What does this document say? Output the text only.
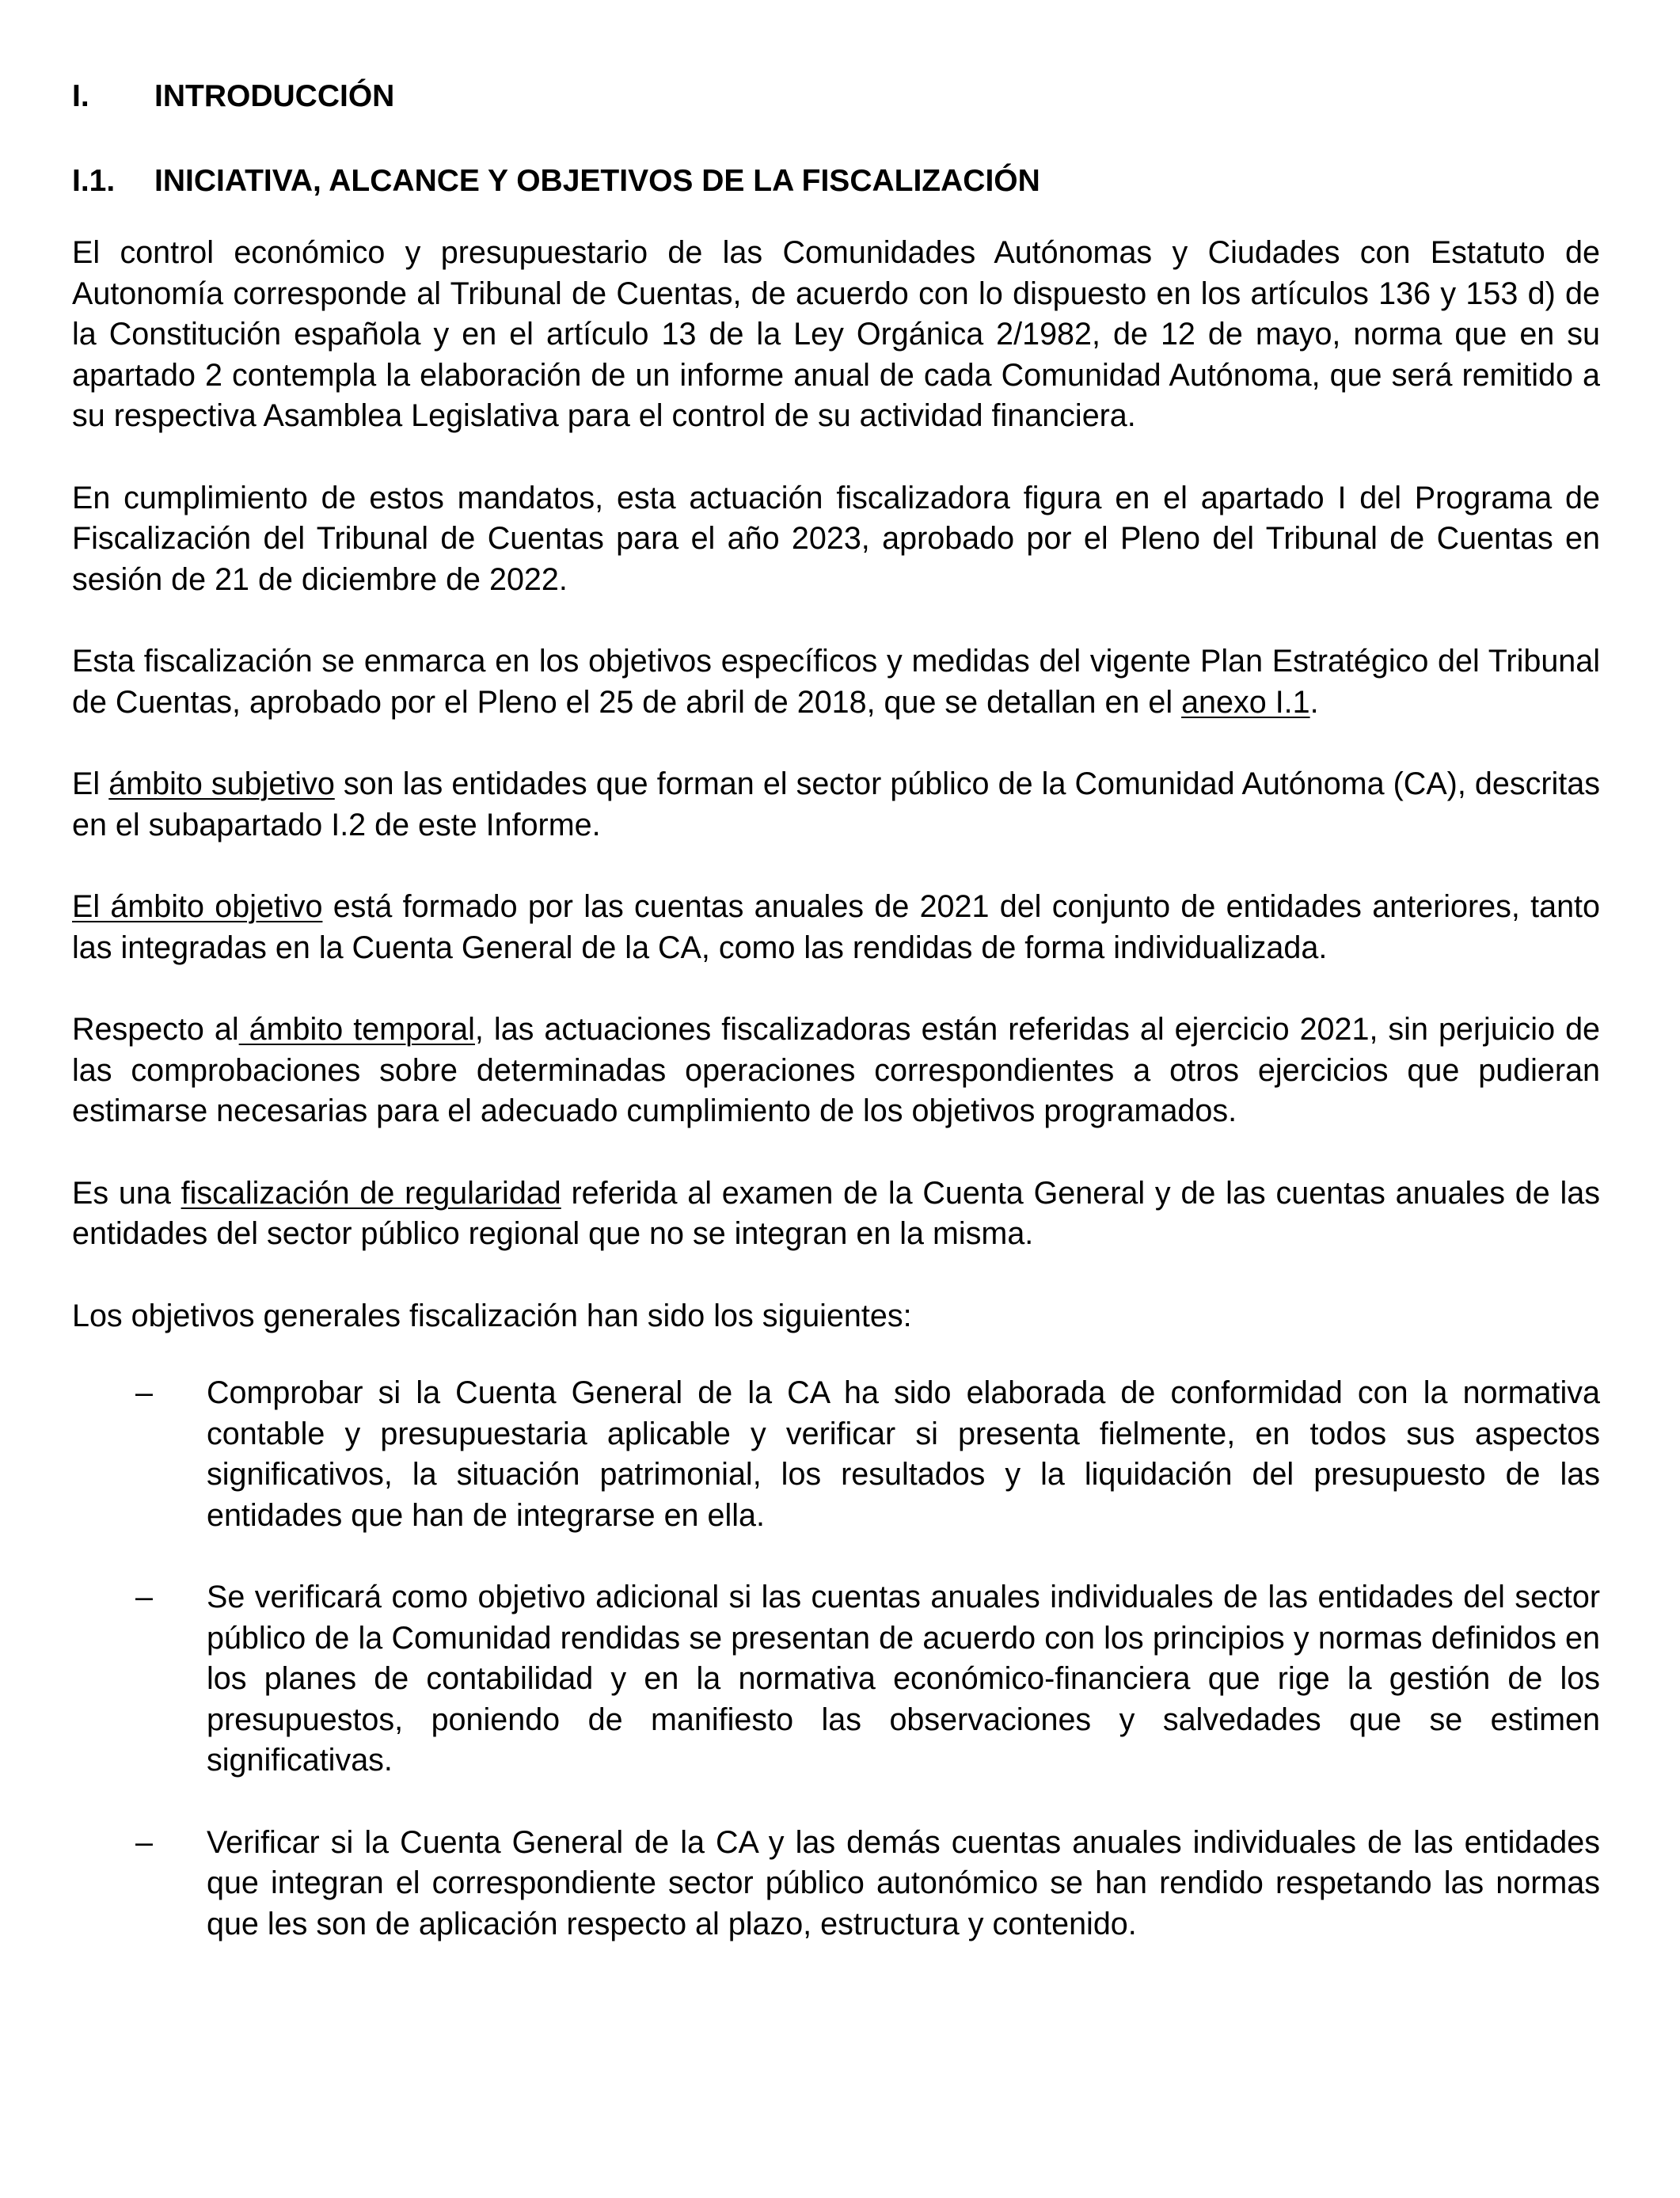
I.	INTRODUCCIÓN
I.1.	INICIATIVA, ALCANCE Y OBJETIVOS DE LA FISCALIZACIÓN

El control económico y presupuestario de las Comunidades Autónomas y Ciudades con Estatuto de Autonomía corresponde al Tribunal de Cuentas, de acuerdo con lo dispuesto en los artículos 136 y 153 d) de la Constitución española y en el artículo 13 de la Ley Orgánica 2/1982, de 12 de mayo, norma que en su apartado 2 contempla la elaboración de un informe anual de cada Comunidad Autónoma, que será remitido a su respectiva Asamblea Legislativa para el control de su actividad financiera.

En cumplimiento de estos mandatos, esta actuación fiscalizadora figura en el apartado I del Programa de Fiscalización del Tribunal de Cuentas para el año 2023, aprobado por el Pleno del Tribunal de Cuentas en sesión de 21 de diciembre de 2022.

Esta fiscalización se enmarca en los objetivos específicos y medidas del vigente Plan Estratégico del Tribunal de Cuentas, aprobado por el Pleno el 25 de abril de 2018, que se detallan en el anexo I.1.

El ámbito subjetivo son las entidades que forman el sector público de la Comunidad Autónoma (CA), descritas en el subapartado I.2 de este Informe.

El ámbito objetivo está formado por las cuentas anuales de 2021 del conjunto de entidades anteriores, tanto las integradas en la Cuenta General de la CA, como las rendidas de forma individualizada.

Respecto al ámbito temporal, las actuaciones fiscalizadoras están referidas al ejercicio 2021, sin perjuicio de las comprobaciones sobre determinadas operaciones correspondientes a otros ejercicios que pudieran estimarse necesarias para el adecuado cumplimiento de los objetivos programados.

Es una fiscalización de regularidad referida al examen de la Cuenta General y de las cuentas anuales de las entidades del sector público regional que no se integran en la misma.

Los objetivos generales fiscalización han sido los siguientes:

–	Comprobar si la Cuenta General de la CA ha sido elaborada de conformidad con la normativa contable y presupuestaria aplicable y verificar si presenta fielmente, en todos sus aspectos significativos, la situación patrimonial, los resultados y la liquidación del presupuesto de las entidades que han de integrarse en ella.
–	Se verificará como objetivo adicional si las cuentas anuales individuales de las entidades del sector público de la Comunidad rendidas se presentan de acuerdo con los principios y normas definidos en los planes de contabilidad y en la normativa económico-financiera que rige la gestión de los presupuestos, poniendo de manifiesto las observaciones y salvedades que se estimen significativas.
–	Verificar si la Cuenta General de la CA y las demás cuentas anuales individuales de las entidades que integran el correspondiente sector público autonómico se han rendido respetando las normas que les son de aplicación respecto al plazo, estructura y contenido.
